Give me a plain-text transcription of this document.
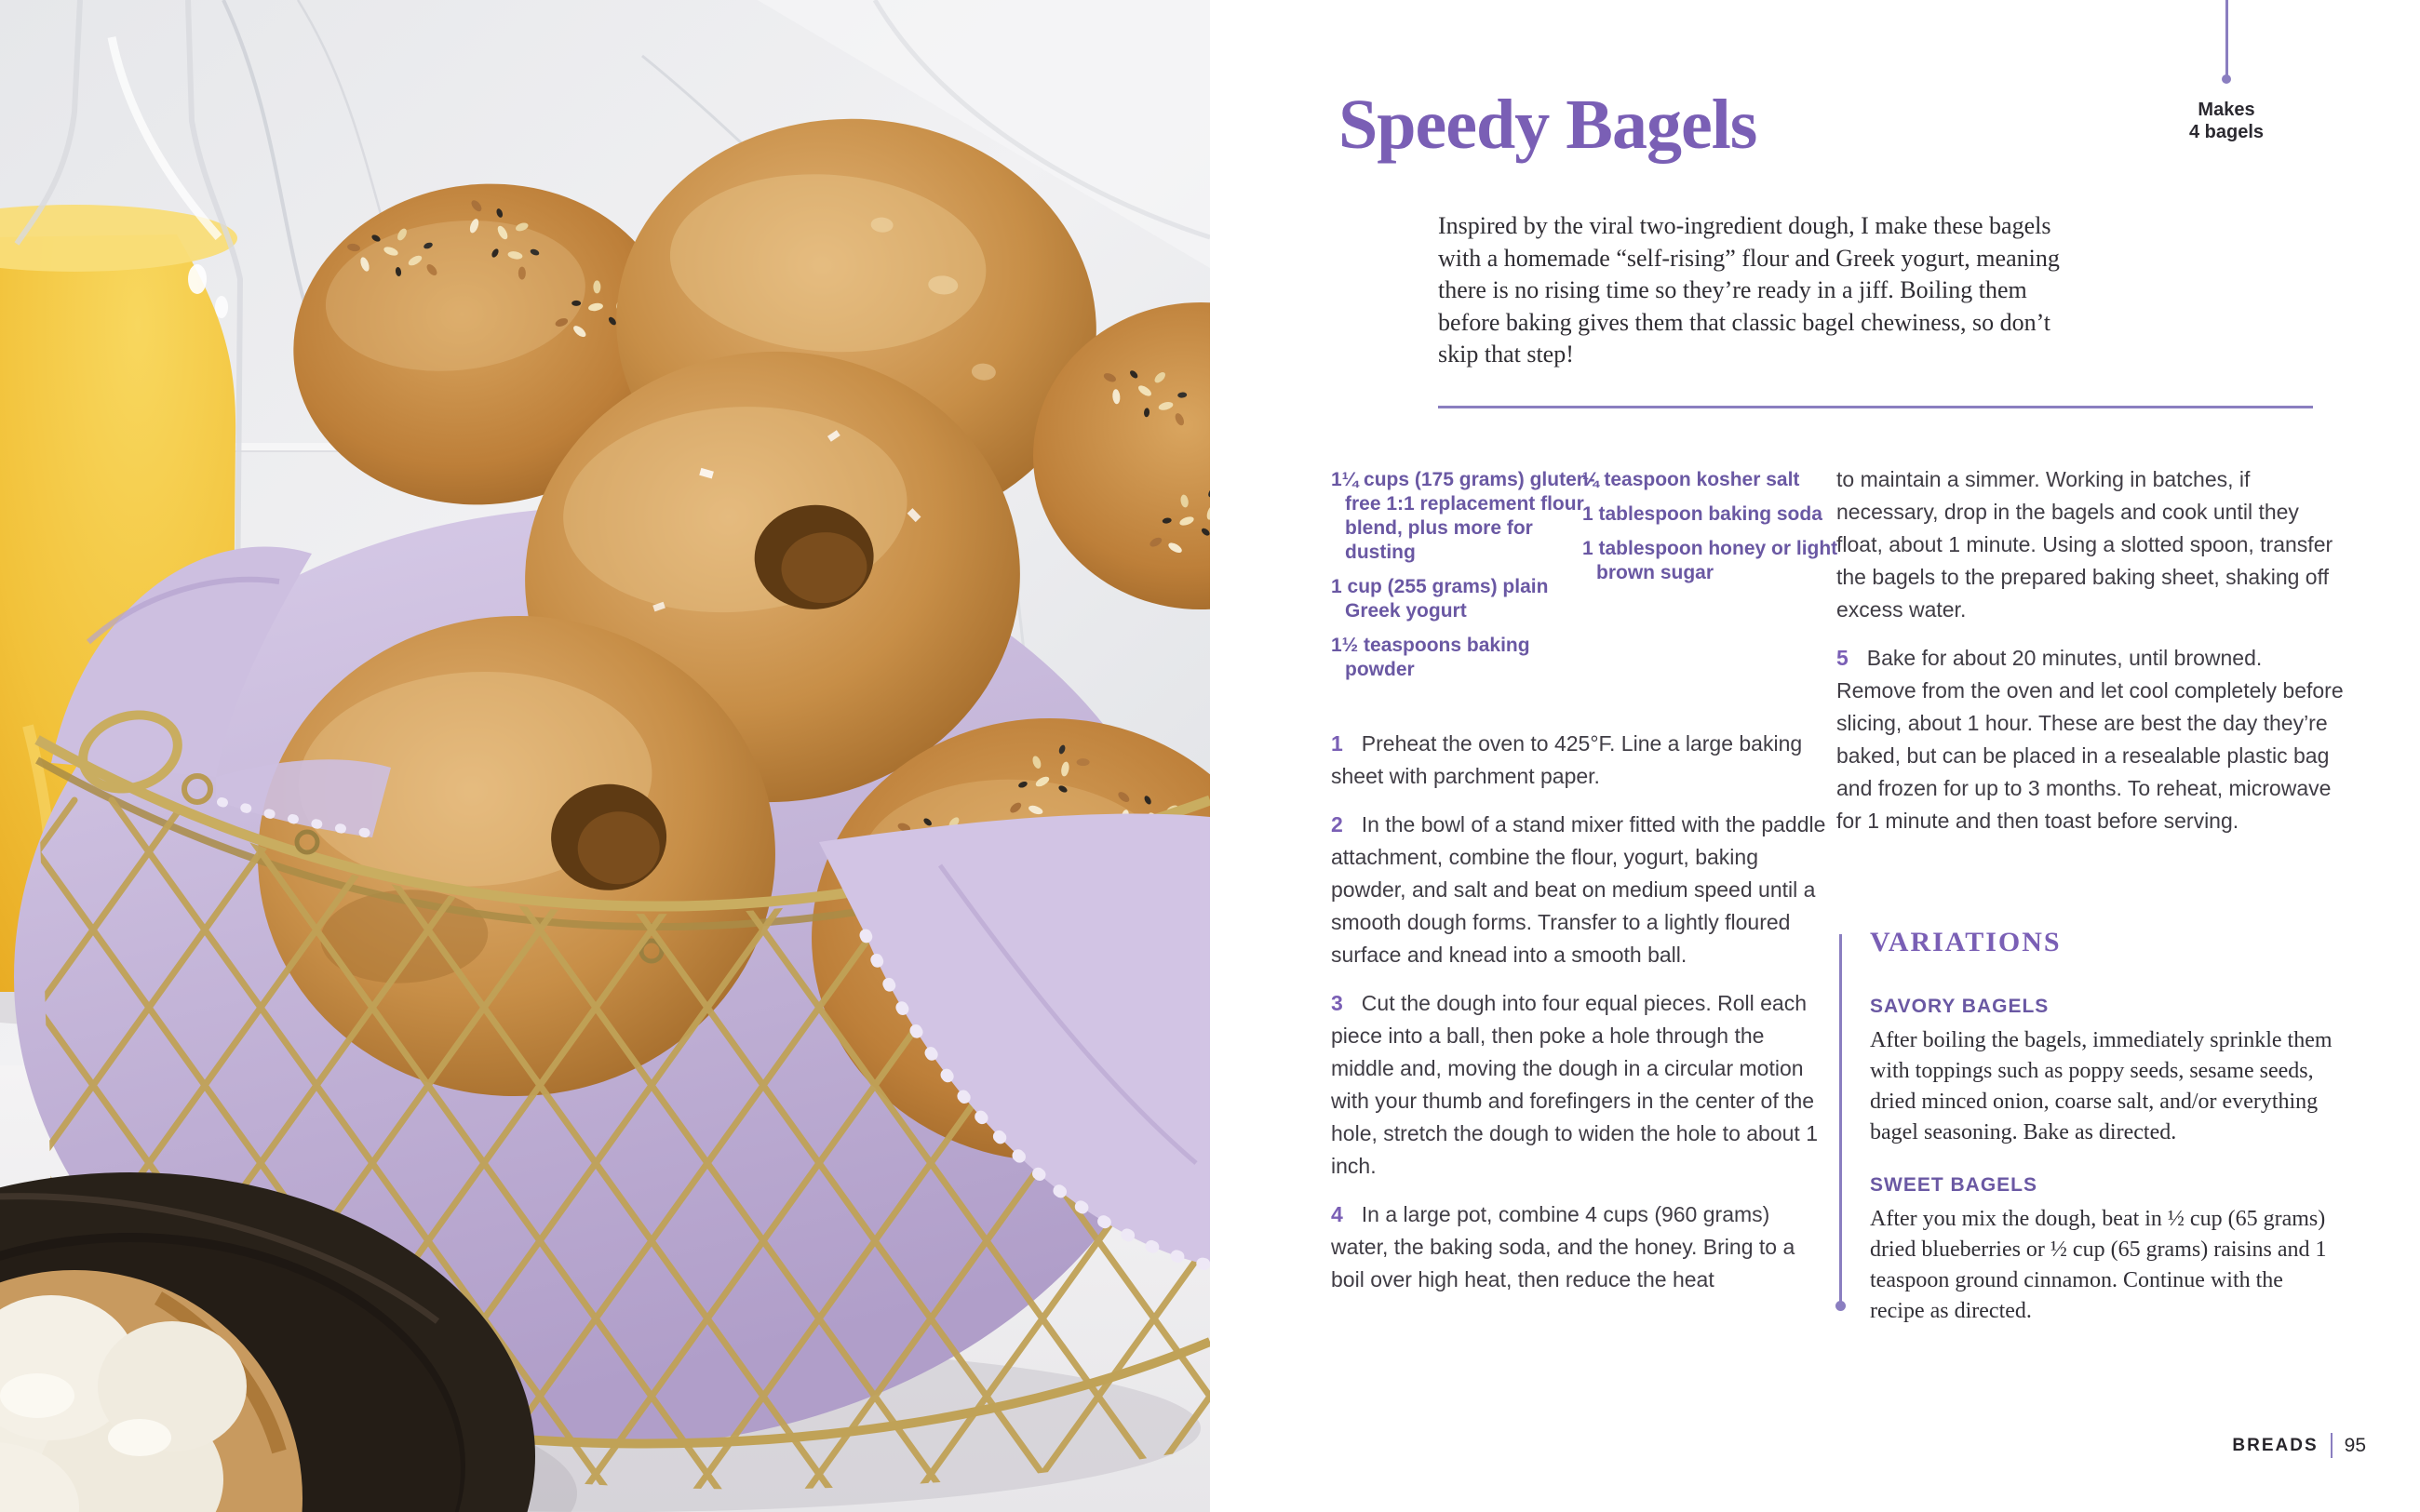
Speedy Bagels	Makes
4 bagels

Inspired by the viral two-ingredient dough, I make these bagels with a homemade “self-rising” flour and Greek yogurt, meaning there is no rising time so they’re ready in a jiff. Boiling them before baking gives them that classic bagel chewiness, so don’t skip that step!

1¼ cups (175 grams) gluten-free 1:1 replacement flour blend, plus more for dusting

1 cup (255 grams) plain Greek yogurt

1½ teaspoons baking powder

¼ teaspoon kosher salt

1 tablespoon baking soda

1 tablespoon honey or light brown sugar

1 Preheat the oven to 425°F. Line a large baking sheet with parchment paper.

2 In the bowl of a stand mixer fitted with the paddle attachment, combine the flour, yogurt, baking powder, and salt and beat on medium speed until a smooth dough forms. Transfer to a lightly floured surface and knead into a smooth ball.

3 Cut the dough into four equal pieces. Roll each piece into a ball, then poke a hole through the middle and, moving the dough in a circular motion with your thumb and forefingers in the center of the hole, stretch the dough to widen the hole to about 1 inch.

4 In a large pot, combine 4 cups (960 grams) water, the baking soda, and the honey. Bring to a boil over high heat, then reduce the heat

to maintain a simmer. Working in batches, if necessary, drop in the bagels and cook until they float, about 1 minute. Using a slotted spoon, transfer the bagels to the prepared baking sheet, shaking off excess water.

5 Bake for about 20 minutes, until browned. Remove from the oven and let cool completely before slicing, about 1 hour. These are best the day they’re baked, but can be placed in a resealable plastic bag and frozen for up to 3 months. To reheat, microwave for 1 minute and then toast before serving.

VARIATIONS
SAVORY BAGELS

After boiling the bagels, immediately sprinkle them with toppings such as poppy seeds, sesame seeds, dried minced onion, coarse salt, and/or everything bagel seasoning. Bake as directed.

SWEET BAGELS

After you mix the dough, beat in ½ cup (65 grams) dried blueberries or ½ cup (65 grams) raisins and 1 teaspoon ground cinnamon. Continue with the recipe as directed.

BREADS 95
